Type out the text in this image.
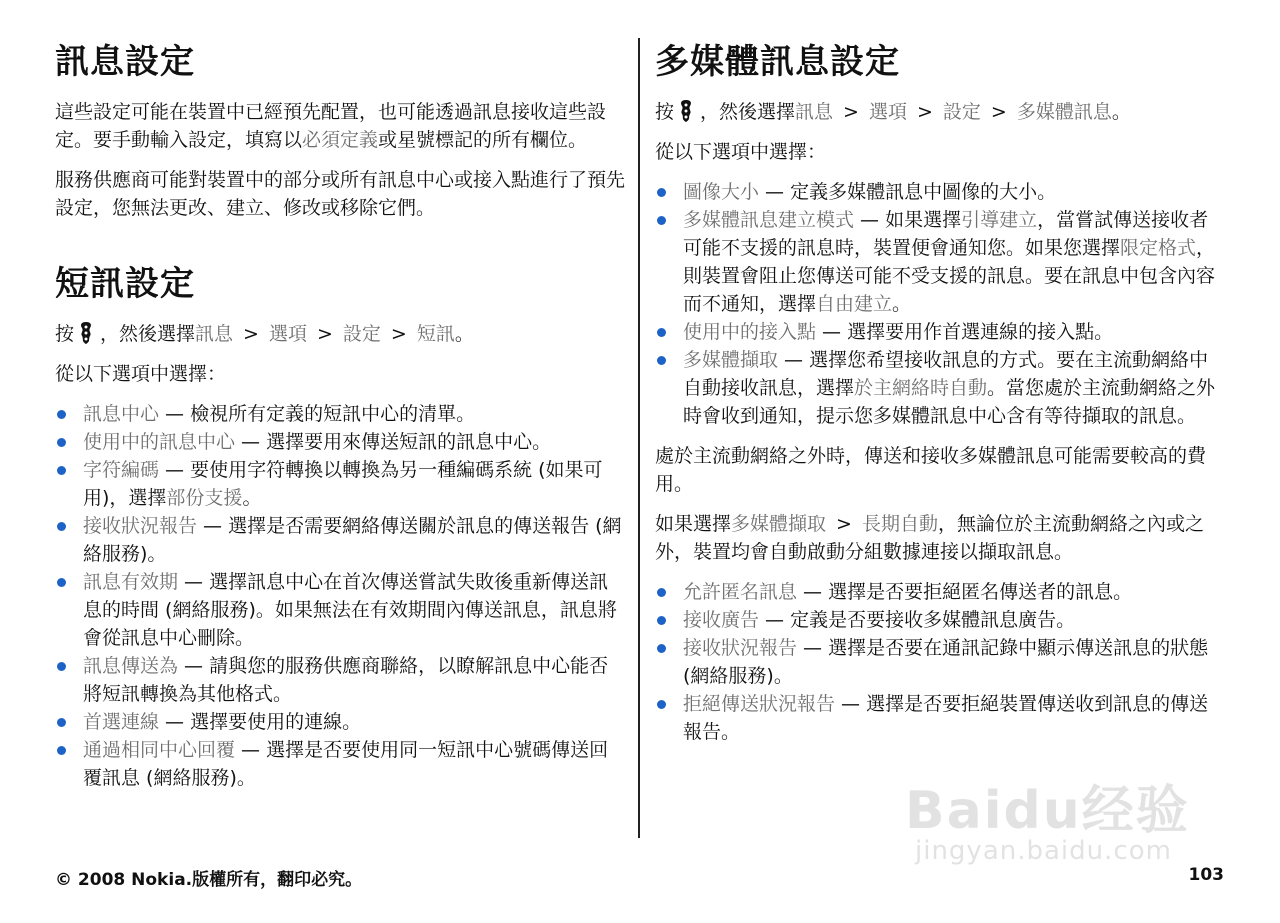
訊息設定

這些設定可能在裝置中已經預先配置，也可能透過訊息接收這些設定。要手動輸入設定，填寫以必須定義或星號標記的所有欄位。

服務供應商可能對裝置中的部分或所有訊息中心或接入點進行了預先設定，您無法更改、建立、修改或移除它們。

短訊設定

按 ，然後選擇訊息 > 選項 > 設定 > 短訊。

從以下選項中選擇：

訊息中心 — 檢視所有定義的短訊中心的清單。
使用中的訊息中心 — 選擇要用來傳送短訊的訊息中心。
字符編碼 — 要使用字符轉換以轉換為另一種編碼系統 (如果可用)，選擇部份支援。
接收狀況報告 — 選擇是否需要網絡傳送關於訊息的傳送報告 (網絡服務)。
訊息有效期 — 選擇訊息中心在首次傳送嘗試失敗後重新傳送訊息的時間 (網絡服務)。如果無法在有效期間內傳送訊息，訊息將會從訊息中心刪除。
訊息傳送為 — 請與您的服務供應商聯絡，以瞭解訊息中心能否將短訊轉換為其他格式。
首選連線 — 選擇要使用的連線。
通過相同中心回覆 — 選擇是否要使用同一短訊中心號碼傳送回覆訊息 (網絡服務)。
多媒體訊息設定

按 ，然後選擇訊息 > 選項 > 設定 > 多媒體訊息。

從以下選項中選擇：

圖像大小 — 定義多媒體訊息中圖像的大小。
多媒體訊息建立模式 — 如果選擇引導建立，當嘗試傳送接收者可能不支援的訊息時，裝置便會通知您。如果您選擇限定格式，則裝置會阻止您傳送可能不受支援的訊息。要在訊息中包含內容而不通知，選擇自由建立。
使用中的接入點 — 選擇要用作首選連線的接入點。
多媒體擷取 — 選擇您希望接收訊息的方式。要在主流動網絡中自動接收訊息，選擇於主網絡時自動。當您處於主流動網絡之外時會收到通知，提示您多媒體訊息中心含有等待擷取的訊息。

處於主流動網絡之外時，傳送和接收多媒體訊息可能需要較高的費用。

如果選擇多媒體擷取 > 長期自動，無論位於主流動網絡之內或之外，裝置均會自動啟動分組數據連接以擷取訊息。

允許匿名訊息 — 選擇是否要拒絕匿名傳送者的訊息。
接收廣告 — 定義是否要接收多媒體訊息廣告。
接收狀況報告 — 選擇是否要在通訊記錄中顯示傳送訊息的狀態 (網絡服務)。
拒絕傳送狀況報告 — 選擇是否要拒絕裝置傳送收到訊息的傳送報告。
© 2008 Nokia.版權所有，翻印必究。	103
Baidu经验
jingyan.baidu.com
